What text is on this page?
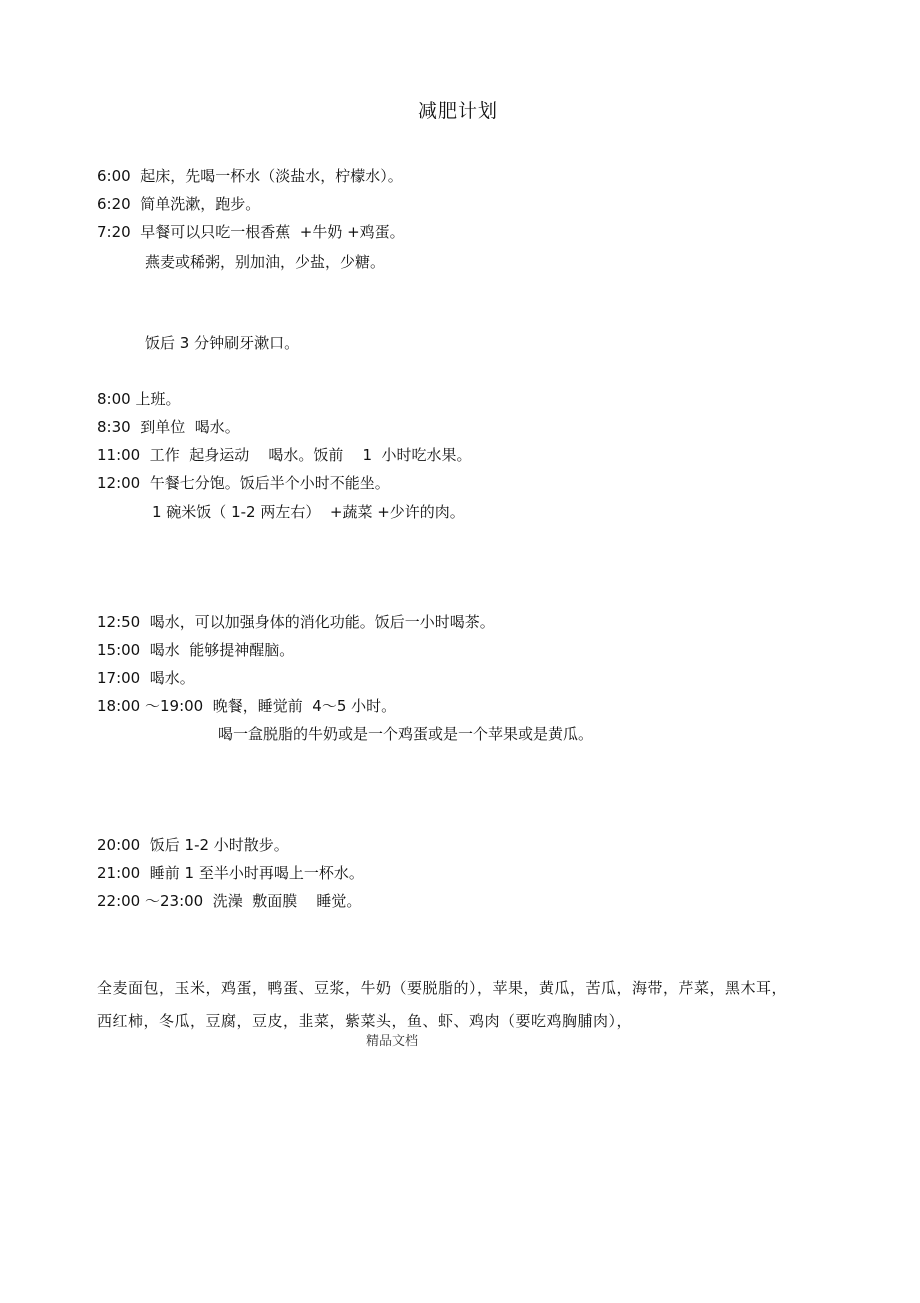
减肥计划
6:00  起床，先喝一杯水（淡盐水，柠檬水）。
6:20  简单洗漱，跑步。
7:20  早餐可以只吃一根香蕉  +牛奶 +鸡蛋。
燕麦或稀粥，别加油，少盐，少糖。
饭后 3 分钟刷牙漱口。
8:00 上班。
8:30  到单位  喝水。
11:00  工作  起身运动    喝水。饭前    1  小时吃水果。
12:00  午餐七分饱。饭后半个小时不能坐。
1 碗米饭（ 1-2 两左右）  +蔬菜 +少许的肉。
12:50  喝水，可以加强身体的消化功能。饭后一小时喝茶。
15:00  喝水  能够提神醒脑。
17:00  喝水。
18:00 ～19:00  晚餐，睡觉前  4～5 小时。
喝一盒脱脂的牛奶或是一个鸡蛋或是一个苹果或是黄瓜。
20:00  饭后 1-2 小时散步。
21:00  睡前 1 至半小时再喝上一杯水。
22:00 ～23:00  洗澡  敷面膜    睡觉。
全麦面包，玉米，鸡蛋，鸭蛋、豆浆，牛奶（要脱脂的），苹果，黄瓜，苦瓜，海带，芹菜，黑木耳，西红柿，冬瓜，豆腐，豆皮，韭菜，紫菜头，鱼、虾、鸡肉（要吃鸡胸脯肉），
精品文档
